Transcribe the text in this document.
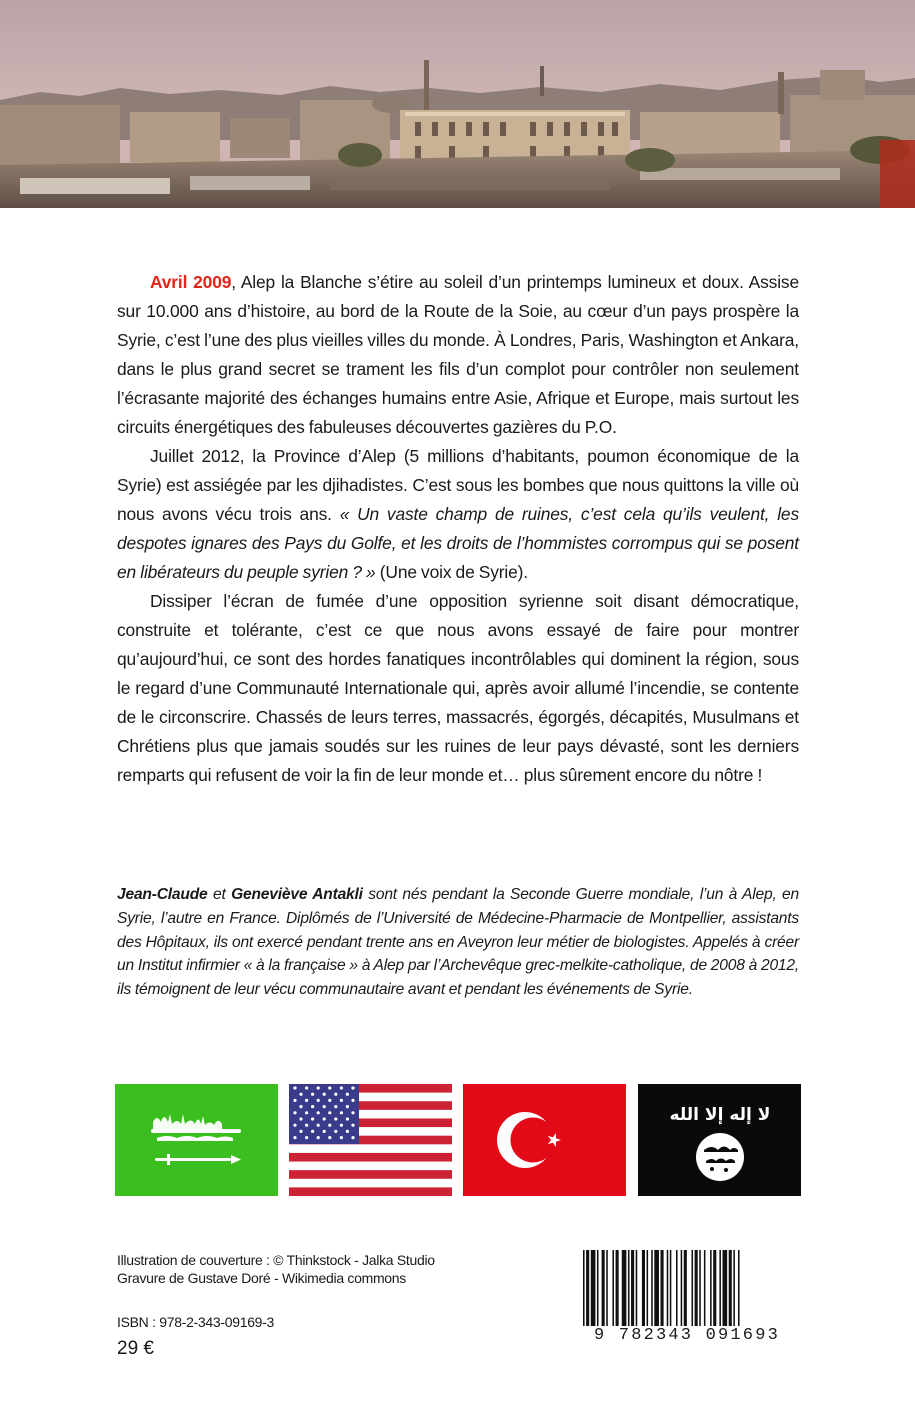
Avril 2009, Alep la Blanche s’étire au soleil d’un printemps lumineux et doux. Assise sur 10.000 ans d’histoire, au bord de la Route de la Soie, au cœur d’un pays prospère la Syrie, c’est l’une des plus vieilles villes du monde. À Londres, Paris, Washington et Ankara, dans le plus grand secret se trament les fils d’un complot pour contrôler non seulement l’écrasante majorité des échanges humains entre Asie, Afrique et Europe, mais surtout les circuits énergétiques des fabuleuses découvertes gazières du P.O.

Juillet 2012, la Province d’Alep (5 millions d’habitants, poumon économique de la Syrie) est assiégée par les djihadistes. C’est sous les bombes que nous quittons la ville où nous avons vécu trois ans. « Un vaste champ de ruines, c’est cela qu’ils veulent, les despotes ignares des Pays du Golfe, et les droits de l’hommistes corrompus qui se posent en libérateurs du peuple syrien ? » (Une voix de Syrie).

Dissiper l’écran de fumée d’une opposition syrienne soit disant démocratique, construite et tolérante, c’est ce que nous avons essayé de faire pour montrer qu’aujourd’hui, ce sont des hordes fanatiques incontrôlables qui dominent la région, sous le regard d’une Communauté Internationale qui, après avoir allumé l’incendie, se contente de le circonscrire. Chassés de leurs terres, massacrés, égorgés, décapités, Musulmans et Chrétiens plus que jamais soudés sur les ruines de leur pays dévasté, sont les derniers remparts qui refusent de voir la fin de leur monde et… plus sûrement encore du nôtre !

Jean-Claude et Geneviève Antakli sont nés pendant la Seconde Guerre mondiale, l’un à Alep, en Syrie, l’autre en France. Diplômés de l’Université de Médecine-Pharmacie de Montpellier, assistants des Hôpitaux, ils ont exercé pendant trente ans en Aveyron leur métier de biologistes. Appelés à créer un Institut infirmier « à la française » à Alep par l’Archevêque grec-melkite-catholique, de 2008 à 2012, ils témoignent de leur vécu communautaire avant et pendant les événements de Syrie.
لا إله إلا الله
Illustration de couverture : © Thinkstock - Jalka Studio
Gravure de Gustave Doré - Wikimedia commons
ISBN : 978-2-343-09169-3
29 €
9 782343 091693
